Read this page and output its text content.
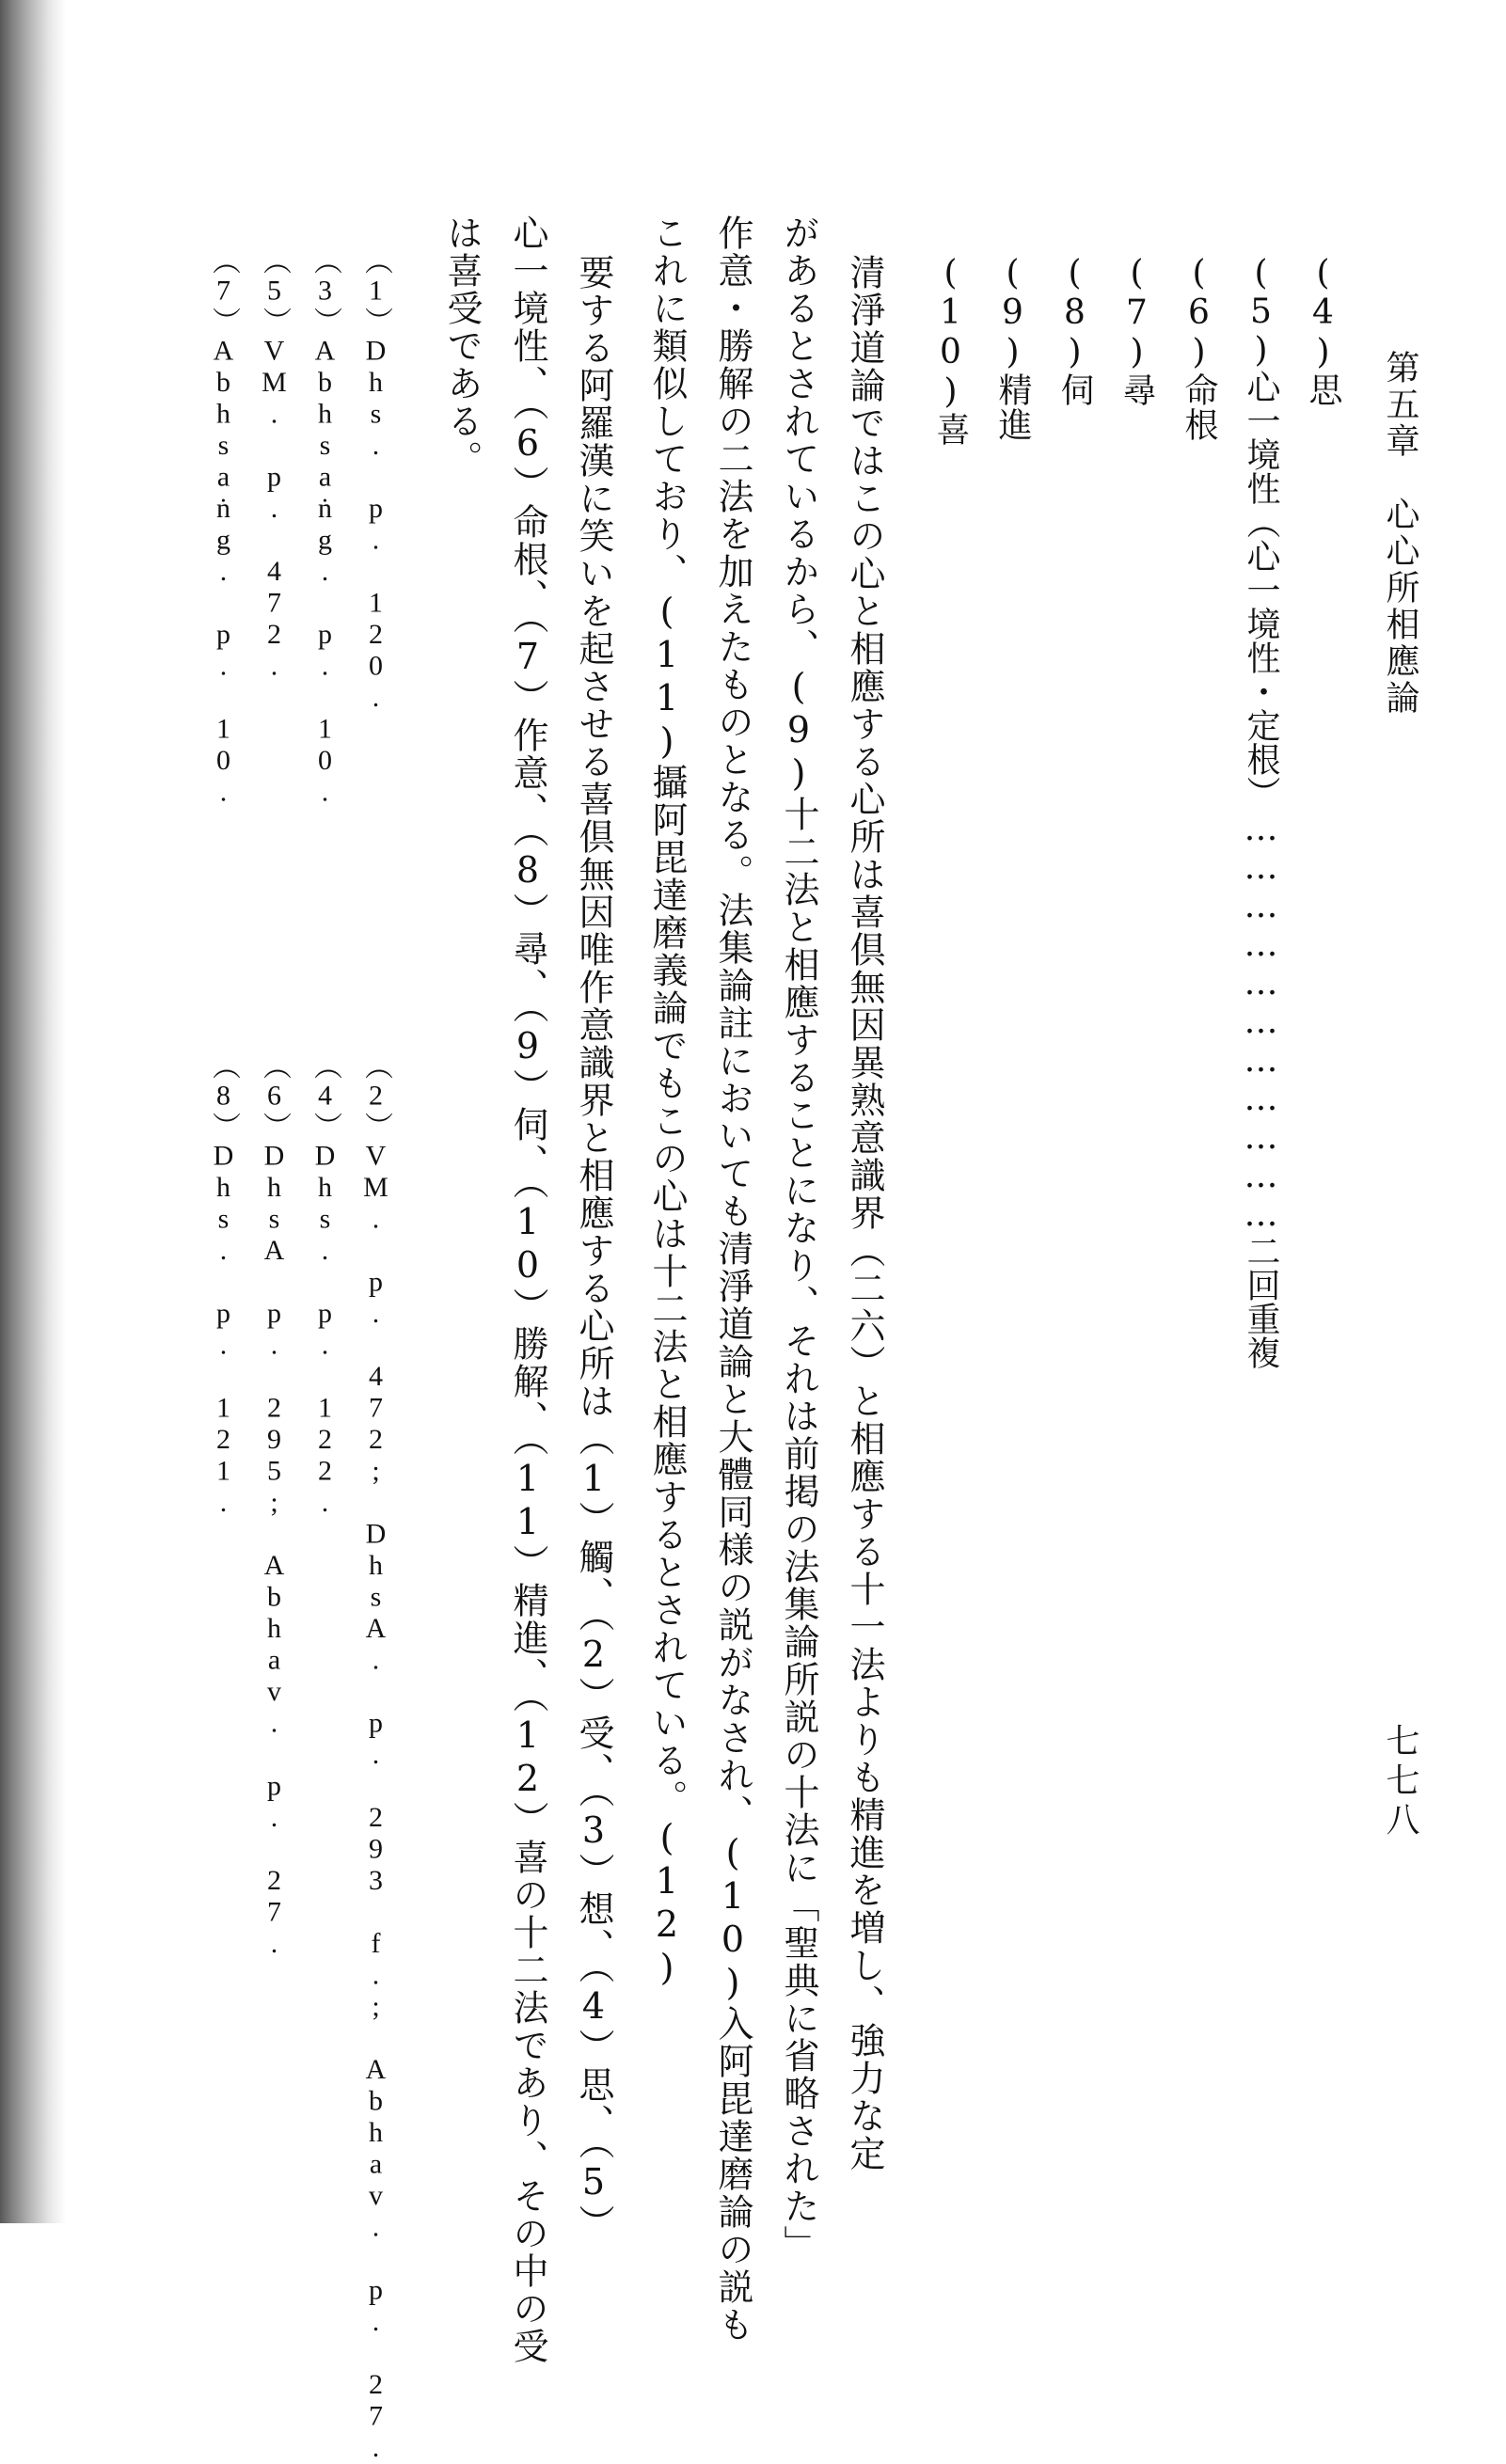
第五章　心心所相應論
七七八
(4)思
(5)心一境性（心一境性・定根）……………………………二回重複
(6)命根
(7)尋
(8)伺
(9)精進
(10)喜
清淨道論ではこの心と相應する心所は喜倶無因異熟意識界（二六）と相應する十一法よりも精進を増し、強力な定
があるとされているから、(9)十二法と相應することになり、それは前掲の法集論所説の十法に「聖典に省略された」
作意・勝解の二法を加えたものとなる。法集論註においても清淨道論と大體同様の説がなされ、(10)入阿毘達磨論の説も
これに類似しており、(11)攝阿毘達磨義論でもこの心は十二法と相應するとされている。(12)
要する阿羅漢に笑いを起させる喜倶無因唯作意識界と相應する心所は（1）觸、（2）受、（3）想、（4）思、（5）
心一境性、（6）命根、（7）作意、（8）尋、（9）伺、（10）勝解、（11）精進、（12）喜の十二法であり、その中の受
は喜受である。
（1）Dhs. p. 120.
（2）VM. p. 472; DhsA. p. 293 f.; Abhav. p. 27.
（3）Abhsaṅg. p. 10.
（4）Dhs. p. 122.
（5）VM. p. 472.
（6）DhsA p. 295; Abhav. p. 27.
（7）Abhsaṅg. p. 10.
（8）Dhs. p. 121.
